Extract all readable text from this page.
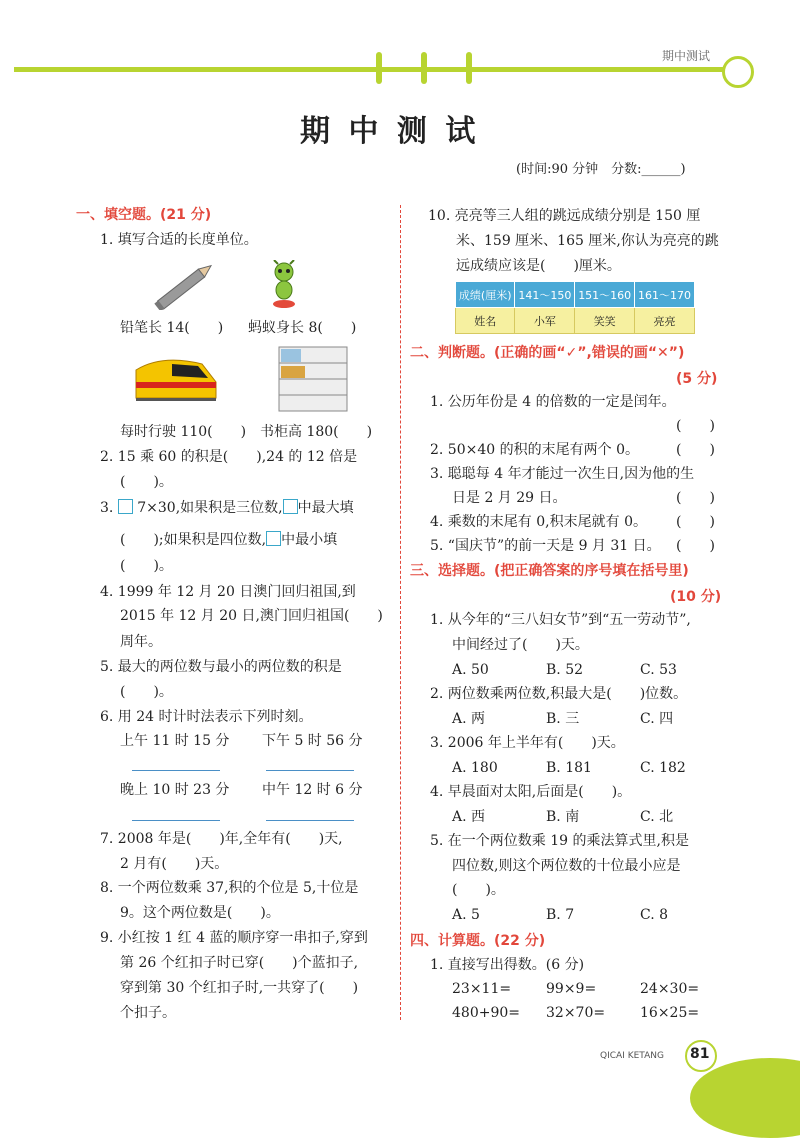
期中测试
期 中 测 试
(时间:90 分钟　分数:______)
一、填空题。(21 分)
1. 填写合适的长度单位。
铅笔长 14(　　) 蚂蚁身长 8(　　)
每时行驶 110(　　) 书柜高 180(　　)
2. 15 乘 60 的积是(　　),24 的 12 倍是
(　　)。
3. 7×30,如果积是三位数, 中最大填
(　　);如果积是四位数, 中最小填
(　　)。
4. 1999 年 12 月 20 日澳门回归祖国,到
2015 年 12 月 20 日,澳门回归祖国(　　)
周年。
5. 最大的两位数与最小的两位数的积是
(　　)。
6. 用 24 时计时法表示下列时刻。
上午 11 时 15 分 下午 5 时 56 分
晚上 10 时 23 分 中午 12 时 6 分
7. 2008 年是(　　)年,全年有(　　)天,
2 月有(　　)天。
8. 一个两位数乘 37,积的个位是 5,十位是
9。这个两位数是(　　)。
9. 小红按 1 红 4 蓝的顺序穿一串扣子,穿到
第 26 个红扣子时已穿(　　)个蓝扣子,
穿到第 30 个红扣子时,一共穿了(　　)
个扣子。
10. 亮亮等三人组的跳远成绩分别是 150 厘
米、159 厘米、165 厘米,你认为亮亮的跳
远成绩应该是(　　)厘米。
成绩(厘米)	141～150	151～160	161～170
姓名	小军	笑笑	亮亮
二、判断题。(正确的画“✓”,错误的画“✕”)
(5 分)
1. 公历年份是 4 的倍数的一定是闰年。
(　　)
2. 50×40 的积的末尾有两个 0。	(　　)
3. 聪聪每 4 年才能过一次生日,因为他的生
日是 2 月 29 日。	(　　)
4. 乘数的末尾有 0,积末尾就有 0。 (　　)
5. “国庆节”的前一天是 9 月 31 日。 (　　)
三、选择题。(把正确答案的序号填在括号里)
(10 分)
1. 从今年的“三八妇女节”到“五一劳动节”,
中间经过了(　　)天。
A. 50	B. 52	C. 53
2. 两位数乘两位数,积最大是(　　)位数。
A. 两	B. 三	C. 四
3. 2006 年上半年有(　　)天。
A. 180	B. 181	C. 182
4. 早晨面对太阳,后面是(　　)。
A. 西	B. 南	C. 北
5. 在一个两位数乘 19 的乘法算式里,积是
四位数,则这个两位数的十位最小应是
(　　)。
A. 5	B. 7	C. 8
四、计算题。(22 分)
1. 直接写出得数。(6 分)
23×11= 99×9=	24×30=
480+90= 32×70= 16×25=
QICAI KETANG 81
